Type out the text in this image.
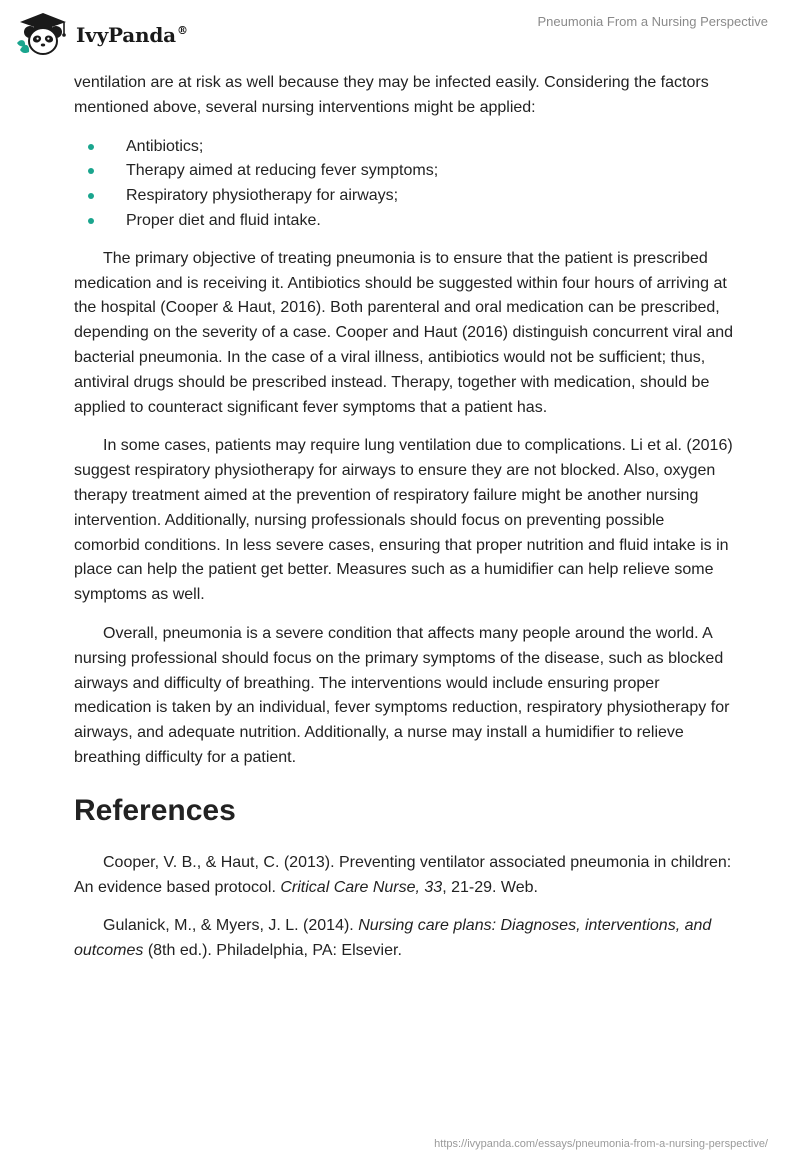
IvyPanda®
Pneumonia From a Nursing Perspective

ventilation are at risk as well because they may be infected easily. Considering the factors mentioned above, several nursing interventions might be applied:

Antibiotics;
Therapy aimed at reducing fever symptoms;
Respiratory physiotherapy for airways;
Proper diet and fluid intake.

The primary objective of treating pneumonia is to ensure that the patient is prescribed medication and is receiving it. Antibiotics should be suggested within four hours of arriving at the hospital (Cooper & Haut, 2016). Both parenteral and oral medication can be prescribed, depending on the severity of a case. Cooper and Haut (2016) distinguish concurrent viral and bacterial pneumonia. In the case of a viral illness, antibiotics would not be sufficient; thus, antiviral drugs should be prescribed instead. Therapy, together with medication, should be applied to counteract significant fever symptoms that a patient has.

In some cases, patients may require lung ventilation due to complications. Li et al. (2016) suggest respiratory physiotherapy for airways to ensure they are not blocked. Also, oxygen therapy treatment aimed at the prevention of respiratory failure might be another nursing intervention. Additionally, nursing professionals should focus on preventing possible comorbid conditions. In less severe cases, ensuring that proper nutrition and fluid intake is in place can help the patient get better. Measures such as a humidifier can help relieve some symptoms as well.

Overall, pneumonia is a severe condition that affects many people around the world. A nursing professional should focus on the primary symptoms of the disease, such as blocked airways and difficulty of breathing. The interventions would include ensuring proper medication is taken by an individual, fever symptoms reduction, respiratory physiotherapy for airways, and adequate nutrition. Additionally, a nurse may install a humidifier to relieve breathing difficulty for a patient.

References

Cooper, V. B., & Haut, C. (2013). Preventing ventilator associated pneumonia in children: An evidence based protocol. Critical Care Nurse, 33, 21-29. Web.

Gulanick, M., & Myers, J. L. (2014). Nursing care plans: Diagnoses, interventions, and outcomes (8th ed.). Philadelphia, PA: Elsevier.

https://ivypanda.com/essays/pneumonia-from-a-nursing-perspective/
